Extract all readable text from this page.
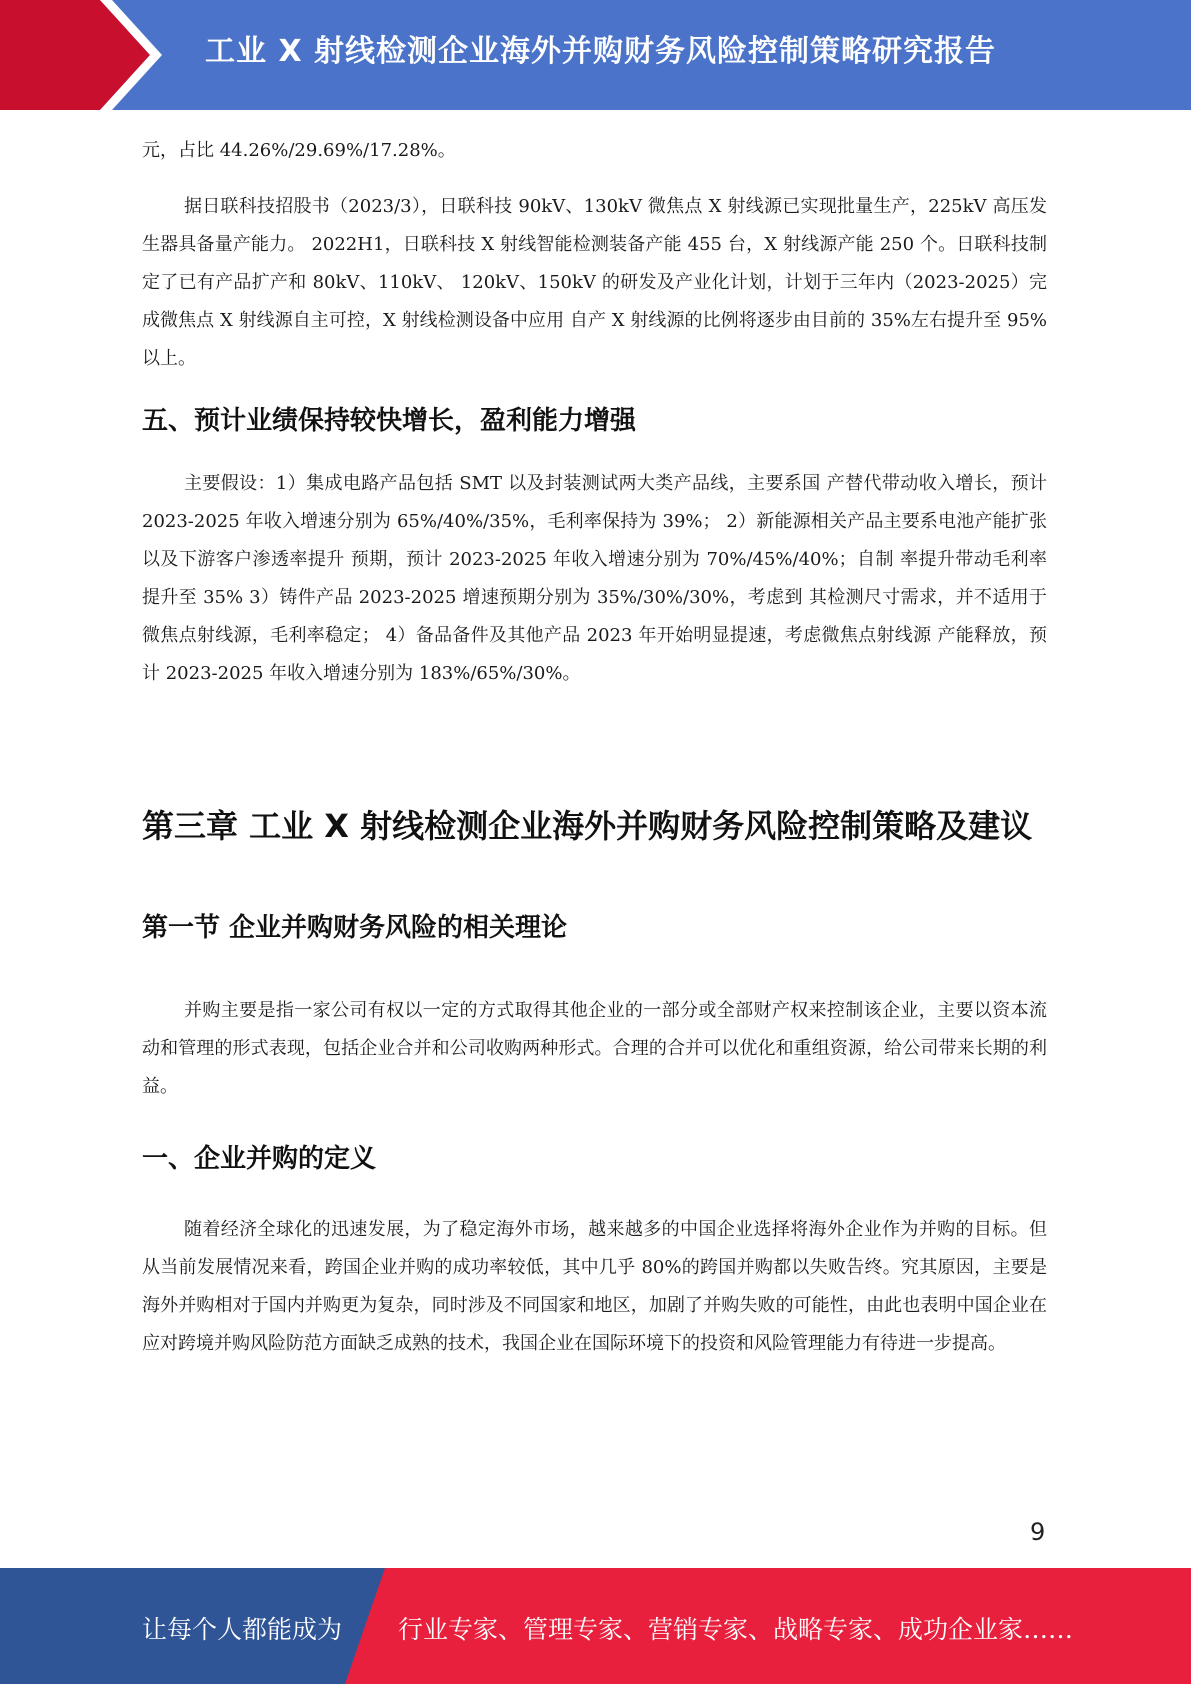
工业 X 射线检测企业海外并购财务风险控制策略研究报告

元，占比 44.26%/29.69%/17.28%。

据日联科技招股书（2023/3），日联科技 90kV、130kV 微焦点 X 射线源已实现批量生产，225kV 高压发生器具备量产能力。 2022H1，日联科技 X 射线智能检测装备产能 455 台，X 射线源产能 250 个。日联科技制定了已有产品扩产和 80kV、110kV、 120kV、150kV 的研发及产业化计划，计划于三年内（2023-2025）完成微焦点 X 射线源自主可控，X 射线检测设备中应用 自产 X 射线源的比例将逐步由目前的 35%左右提升至 95%以上。

五、预计业绩保持较快增长，盈利能力增强

主要假设：1）集成电路产品包括 SMT 以及封装测试两大类产品线，主要系国 产替代带动收入增长，预计 2023-2025 年收入增速分别为 65%/40%/35%，毛利率保持为 39%； 2）新能源相关产品主要系电池产能扩张以及下游客户渗透率提升 预期，预计 2023-2025 年收入增速分别为 70%/45%/40%；自制 率提升带动毛利率提升至 35% 3）铸件产品 2023-2025 增速预期分别为 35%/30%/30%，考虑到 其检测尺寸需求，并不适用于微焦点射线源，毛利率稳定； 4）备品备件及其他产品 2023 年开始明显提速，考虑微焦点射线源 产能释放，预计 2023-2025 年收入增速分别为 183%/65%/30%。

第三章 工业 X 射线检测企业海外并购财务风险控制策略及建议
第一节 企业并购财务风险的相关理论

并购主要是指一家公司有权以一定的方式取得其他企业的一部分或全部财产权来控制该企业，主要以资本流动和管理的形式表现，包括企业合并和公司收购两种形式。合理的合并可以优化和重组资源，给公司带来长期的利益。

一、企业并购的定义

随着经济全球化的迅速发展，为了稳定海外市场，越来越多的中国企业选择将海外企业作为并购的目标。但从当前发展情况来看，跨国企业并购的成功率较低，其中几乎 80%的跨国并购都以失败告终。究其原因，主要是海外并购相对于国内并购更为复杂，同时涉及不同国家和地区，加剧了并购失败的可能性，由此也表明中国企业在应对跨境并购风险防范方面缺乏成熟的技术，我国企业在国际环境下的投资和风险管理能力有待进一步提高。

9
让每个人都能成为 行业专家、管理专家、营销专家、战略专家、成功企业家……
